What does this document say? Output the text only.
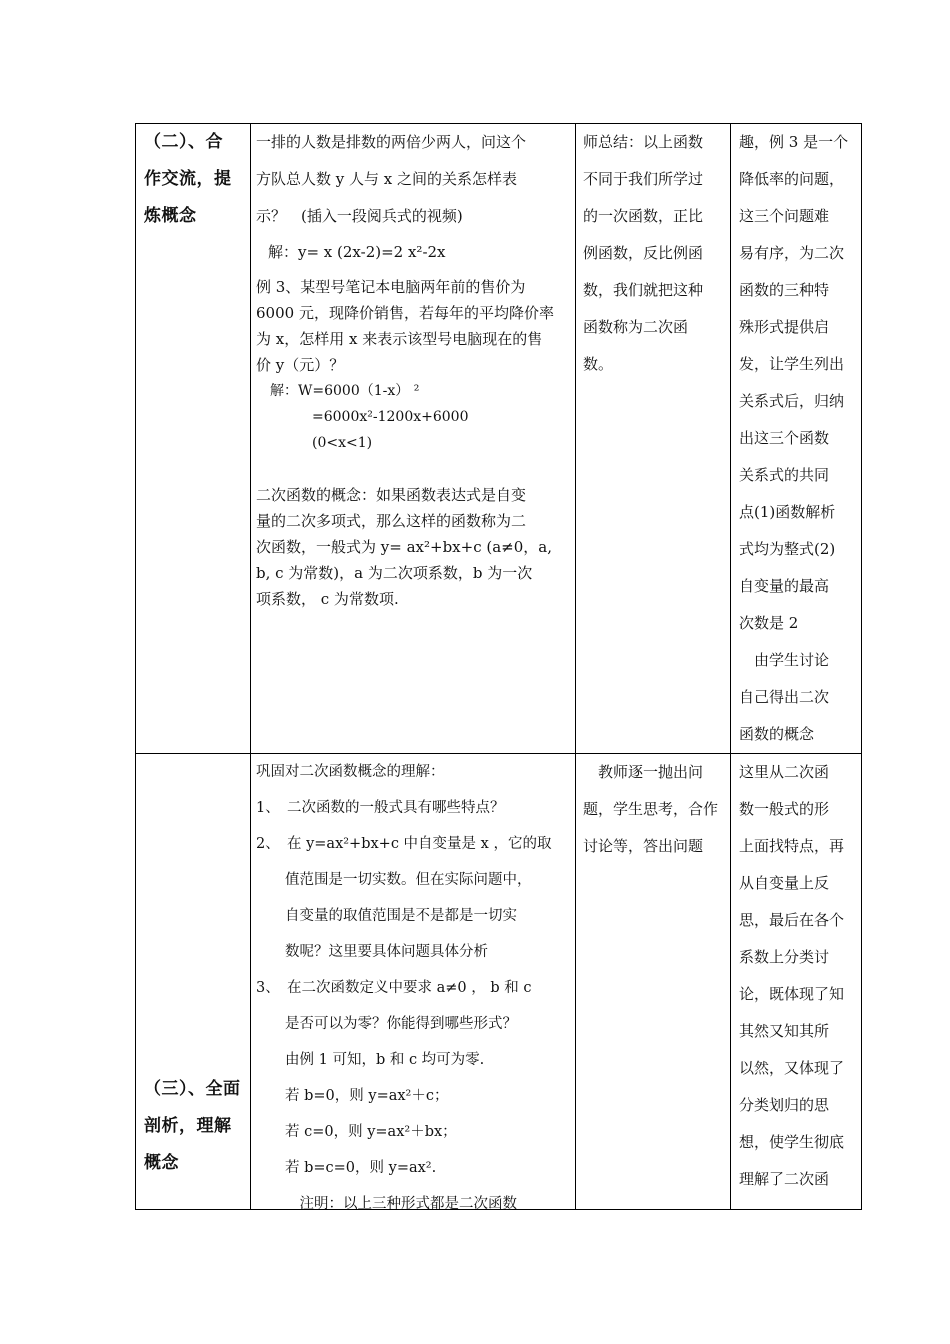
（二）、合
作交流，提
炼概念
一排的人数是排数的两倍少两人，问这个
方队总人数 y 人与 x 之间的关系怎样表
示？　(插入一段阅兵式的视频)
解：y= x (2x-2)=2 x²-2x
例 3、某型号笔记本电脑两年前的售价为
6000 元，现降价销售，若每年的平均降价率
为 x，怎样用 x 来表示该型号电脑现在的售
价 y（元）？
解：W=6000（1-x） ²
=6000x²-1200x+6000
(0<x<1)
二次函数的概念：如果函数表达式是自变
量的二次多项式，那么这样的函数称为二
次函数，一般式为 y= ax²+bx+c (a≠0，a,
b, c 为常数)，a 为二次项系数，b 为一次
项系数， c 为常数项.
师总结：以上函数
不同于我们所学过
的一次函数，正比
例函数，反比例函
数，我们就把这种
函数称为二次函
数。
趣，例 3 是一个
降低率的问题，
这三个问题难
易有序，为二次
函数的三种特
殊形式提供启
发，让学生列出
关系式后，归纳
出这三个函数
关系式的共同
点(1)函数解析
式均为整式(2)
自变量的最高
次数是 2
　由学生讨论
自己得出二次
函数的概念
（三）、全面
剖析，理解
概念
巩固对二次函数概念的理解：
1、　二次函数的一般式具有哪些特点？
2、　在 y=ax²+bx+c 中自变量是 x ，它的取
　　值范围是一切实数。但在实际问题中，
　　自变量的取值范围是不是都是一切实
　　数呢？这里要具体问题具体分析
3、　在二次函数定义中要求 a≠0 ， b 和 c
　　是否可以为零？你能得到哪些形式？
　　由例 1 可知，b 和 c 均可为零.
　　若 b=0，则 y=ax²＋c；
　　若 c=0，则 y=ax²＋bx；
　　若 b=c=0，则 y=ax².
　　　注明：以上三种形式都是二次函数
　教师逐一抛出问
题，学生思考，合作
讨论等，答出问题
这里从二次函
数一般式的形
上面找特点，再
从自变量上反
思，最后在各个
系数上分类讨
论，既体现了知
其然又知其所
以然，又体现了
分类划归的思
想，使学生彻底
理解了二次函
